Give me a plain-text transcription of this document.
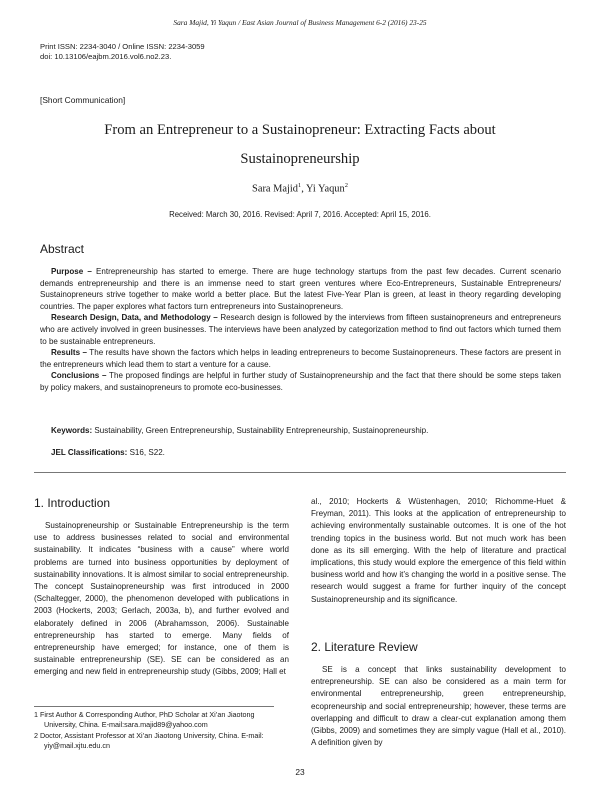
Sara Majid, Yi Yaqun / East Asian Journal of Business Management 6-2 (2016) 23-25
Print ISSN: 2234-3040 / Online ISSN: 2234-3059
doi: 10.13106/eajbm.2016.vol6.no2.23.
[Short Communication]
From an Entrepreneur to a Sustainopreneur: Extracting Facts about
Sustainopreneurship
Sara Majid$^1$, Yi Yaqun$^2$
Received: March 30, 2016. Revised: April 7, 2016. Accepted: April 15, 2016.
Abstract

Purpose – Entrepreneurship has started to emerge. There are huge technology startups from the past few decades. Current scenario demands entrepreneurship and there is an immense need to start green ventures where Eco-Entrepreneurs, Sustainable Entrepreneurs/ Sustainopreneurs strive together to make world a better place. But the latest Five-Year Plan is green, at least in theory regarding developing countries. The paper explores what factors turn entrepreneurs into Sustainopreneurs.

Research Design, Data, and Methodology – Research design is followed by the interviews from fifteen sustainopreneurs and entrepreneurs who are actively involved in green businesses. The interviews have been analyzed by categorization method to find out factors which turned them to be sustainable entrepreneurs.

Results – The results have shown the factors which helps in leading entrepreneurs to become Sustainopreneurs. These factors are present in the entrepreneurs which lead them to start a venture for a cause.

Conclusions – The proposed findings are helpful in further study of Sustainopreneurship and the fact that there should be some steps taken by policy makers, and sustainopreneurs to promote eco-businesses.

Keywords: Sustainability, Green Entrepreneurship, Sustainability Entrepreneurship, Sustainopreneurship.
JEL Classifications: S16, S22.
1. Introduction

Sustainopreneurship or Sustainable Entrepreneurship is the term use to address businesses related to social and environmental sustainability. It indicates “business with a cause” where world problems are turned into business opportunities by deployment of sustainability innovations. It is almost similar to social entrepreneurship. The concept Sustainopreneurship was first introduced in 2000 (Schaltegger, 2000), the phenomenon developed with publications in 2003 (Hockerts, 2003; Gerlach, 2003a, b), and further evolved and elaborately defined in 2006 (Abrahamsson, 2006). Sustainable entrepreneurship has started to emerge. Many fields of entrepreneurship have emerged; for instance, one of them is sustainable entrepreneurship (SE). SE can be considered as an emerging and new field in entrepreneurship study (Gibbs, 2009; Hall et

al., 2010; Hockerts & Wüstenhagen, 2010; Richomme-Huet & Freyman, 2011). This looks at the application of entrepreneurship to achieving environmentally sustainable outcomes. It is one of the hot trending topics in the business world. But not much work has been done as its sill emerging. With the help of literature and practical implications, this study would explore the emergence of this field within business world and how it’s changing the world in a positive sense. The research would suggest a frame for further inquiry of the concept Sustainopreneurship and its significance.

2. Literature Review

SE is a concept that links sustainability development to entrepreneurship. SE can also be considered as a main term for environmental entrepreneurship, green entrepreneurship, ecopreneurship and social entrepreneurship; however, these terms are overlapping and difficult to draw a clear-cut explanation among them (Gibbs, 2009) and sometimes they are simply vague (Hall et al., 2010). A definition given by

1 First Author & Corresponding Author, PhD Scholar at Xi’an Jiaotong University, China. E-mail:sara.majid89@yahoo.com
2 Doctor, Assistant Professor at Xi’an Jiaotong University, China. E-mail: yiy@mail.xjtu.edu.cn
23
